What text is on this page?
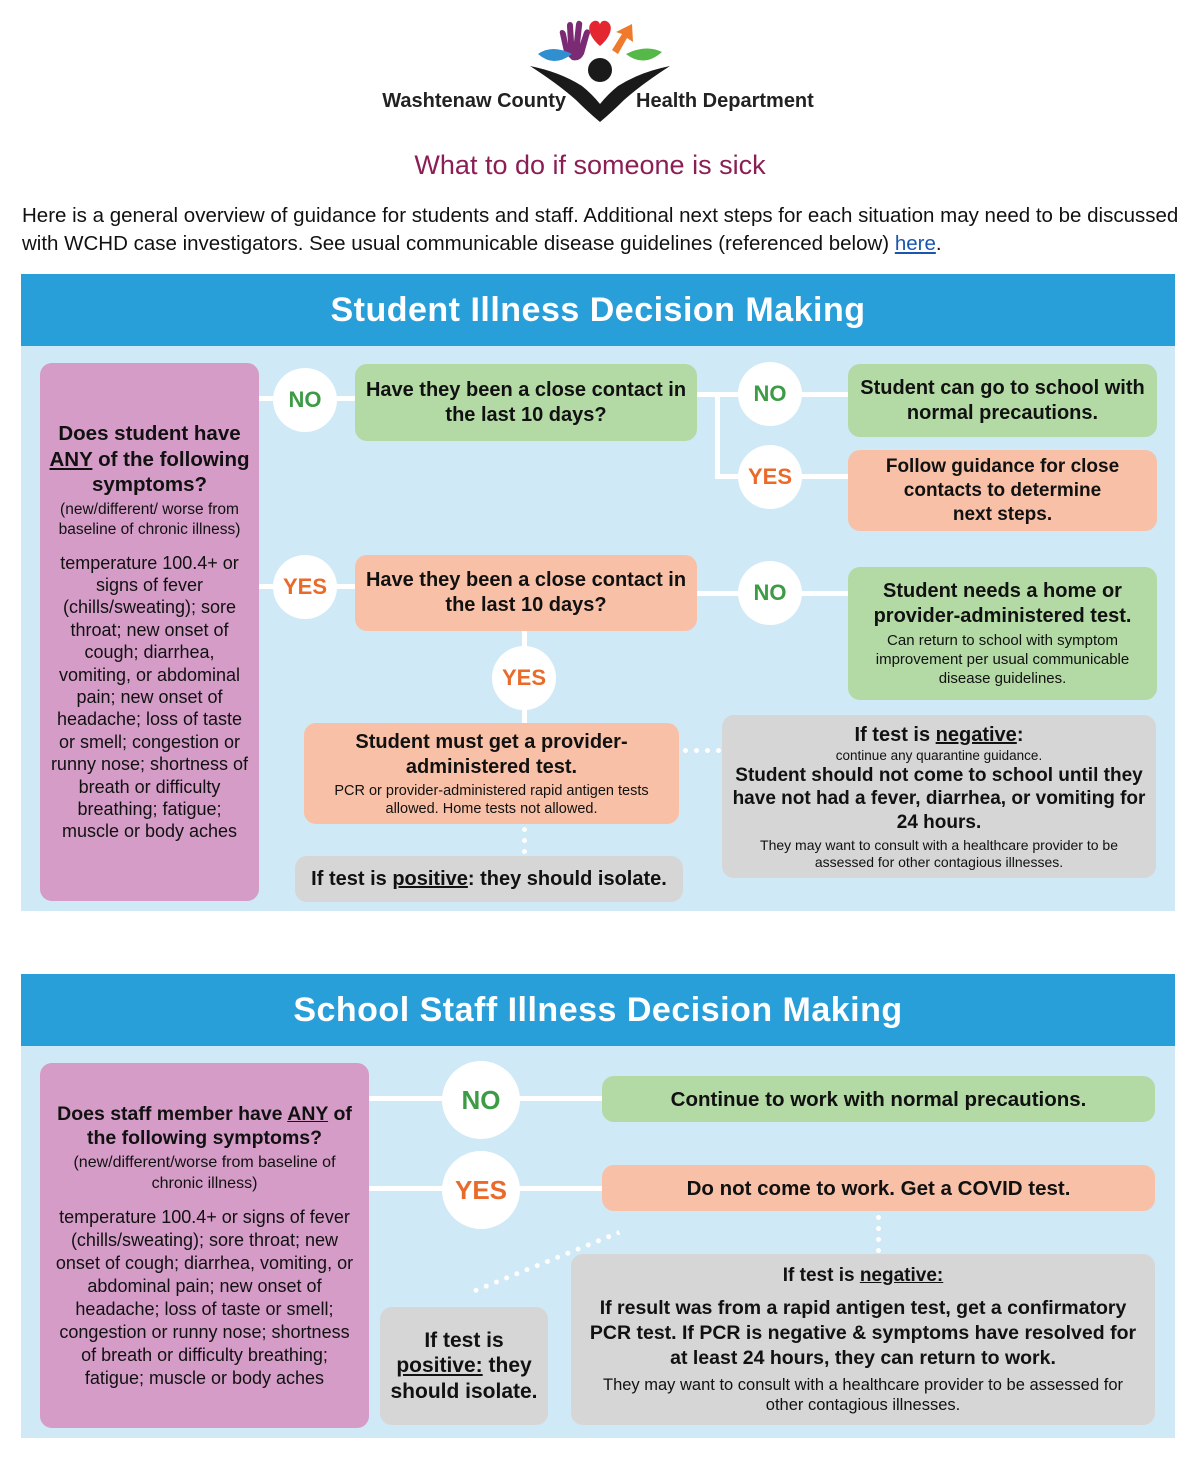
Washtenaw County	Health Department
What to do if someone is sick
Here is a general overview of guidance for students and staff. Additional next steps for each situation may need to be discussed with WCHD case investigators. See usual communicable disease guidelines (referenced below) here.
Student Illness Decision Making
Does student have ANY of the following symptoms?
(new/different/ worse from baseline of chronic illness)
temperature 100.4+ or signs of fever (chills/sweating); sore throat; new onset of cough; diarrhea, vomiting, or abdominal pain; new onset of headache; loss of taste or smell; congestion or runny nose; shortness of breath or difficulty breathing; fatigue; muscle or body aches
NO
YES
Have they been a close contact in the last 10 days?
NO
YES
Student can go to school with normal precautions.
Follow guidance for close contacts to determine next steps.
Have they been a close contact in the last 10 days?	NO
YES
Student needs a home or provider-administered test.
Can return to school with symptom improvement per usual communicable disease guidelines.
Student must get a provider-administered test.
PCR or provider-administered rapid antigen tests allowed. Home tests not allowed.
If test is negative:
continue any quarantine guidance.
Student should not come to school until they have not had a fever, diarrhea, or vomiting for 24 hours.
They may want to consult with a healthcare provider to be assessed for other contagious illnesses.
If test is positive: they should isolate.
School Staff Illness Decision Making
Does staff member have ANY of the following symptoms?
(new/different/worse from baseline of chronic illness)
temperature 100.4+ or signs of fever (chills/sweating); sore throat; new onset of cough; diarrhea, vomiting, or abdominal pain; new onset of headache; loss of taste or smell; congestion or runny nose; shortness of breath or difficulty breathing; fatigue; muscle or body aches
NO
YES
Continue to work with normal precautions.
Do not come to work. Get a COVID test.
If test is
positive: they should isolate.
If test is negative:
If result was from a rapid antigen test, get a confirmatory PCR test. If PCR is negative & symptoms have resolved for at least 24 hours, they can return to work.
They may want to consult with a healthcare provider to be assessed for other contagious illnesses.
